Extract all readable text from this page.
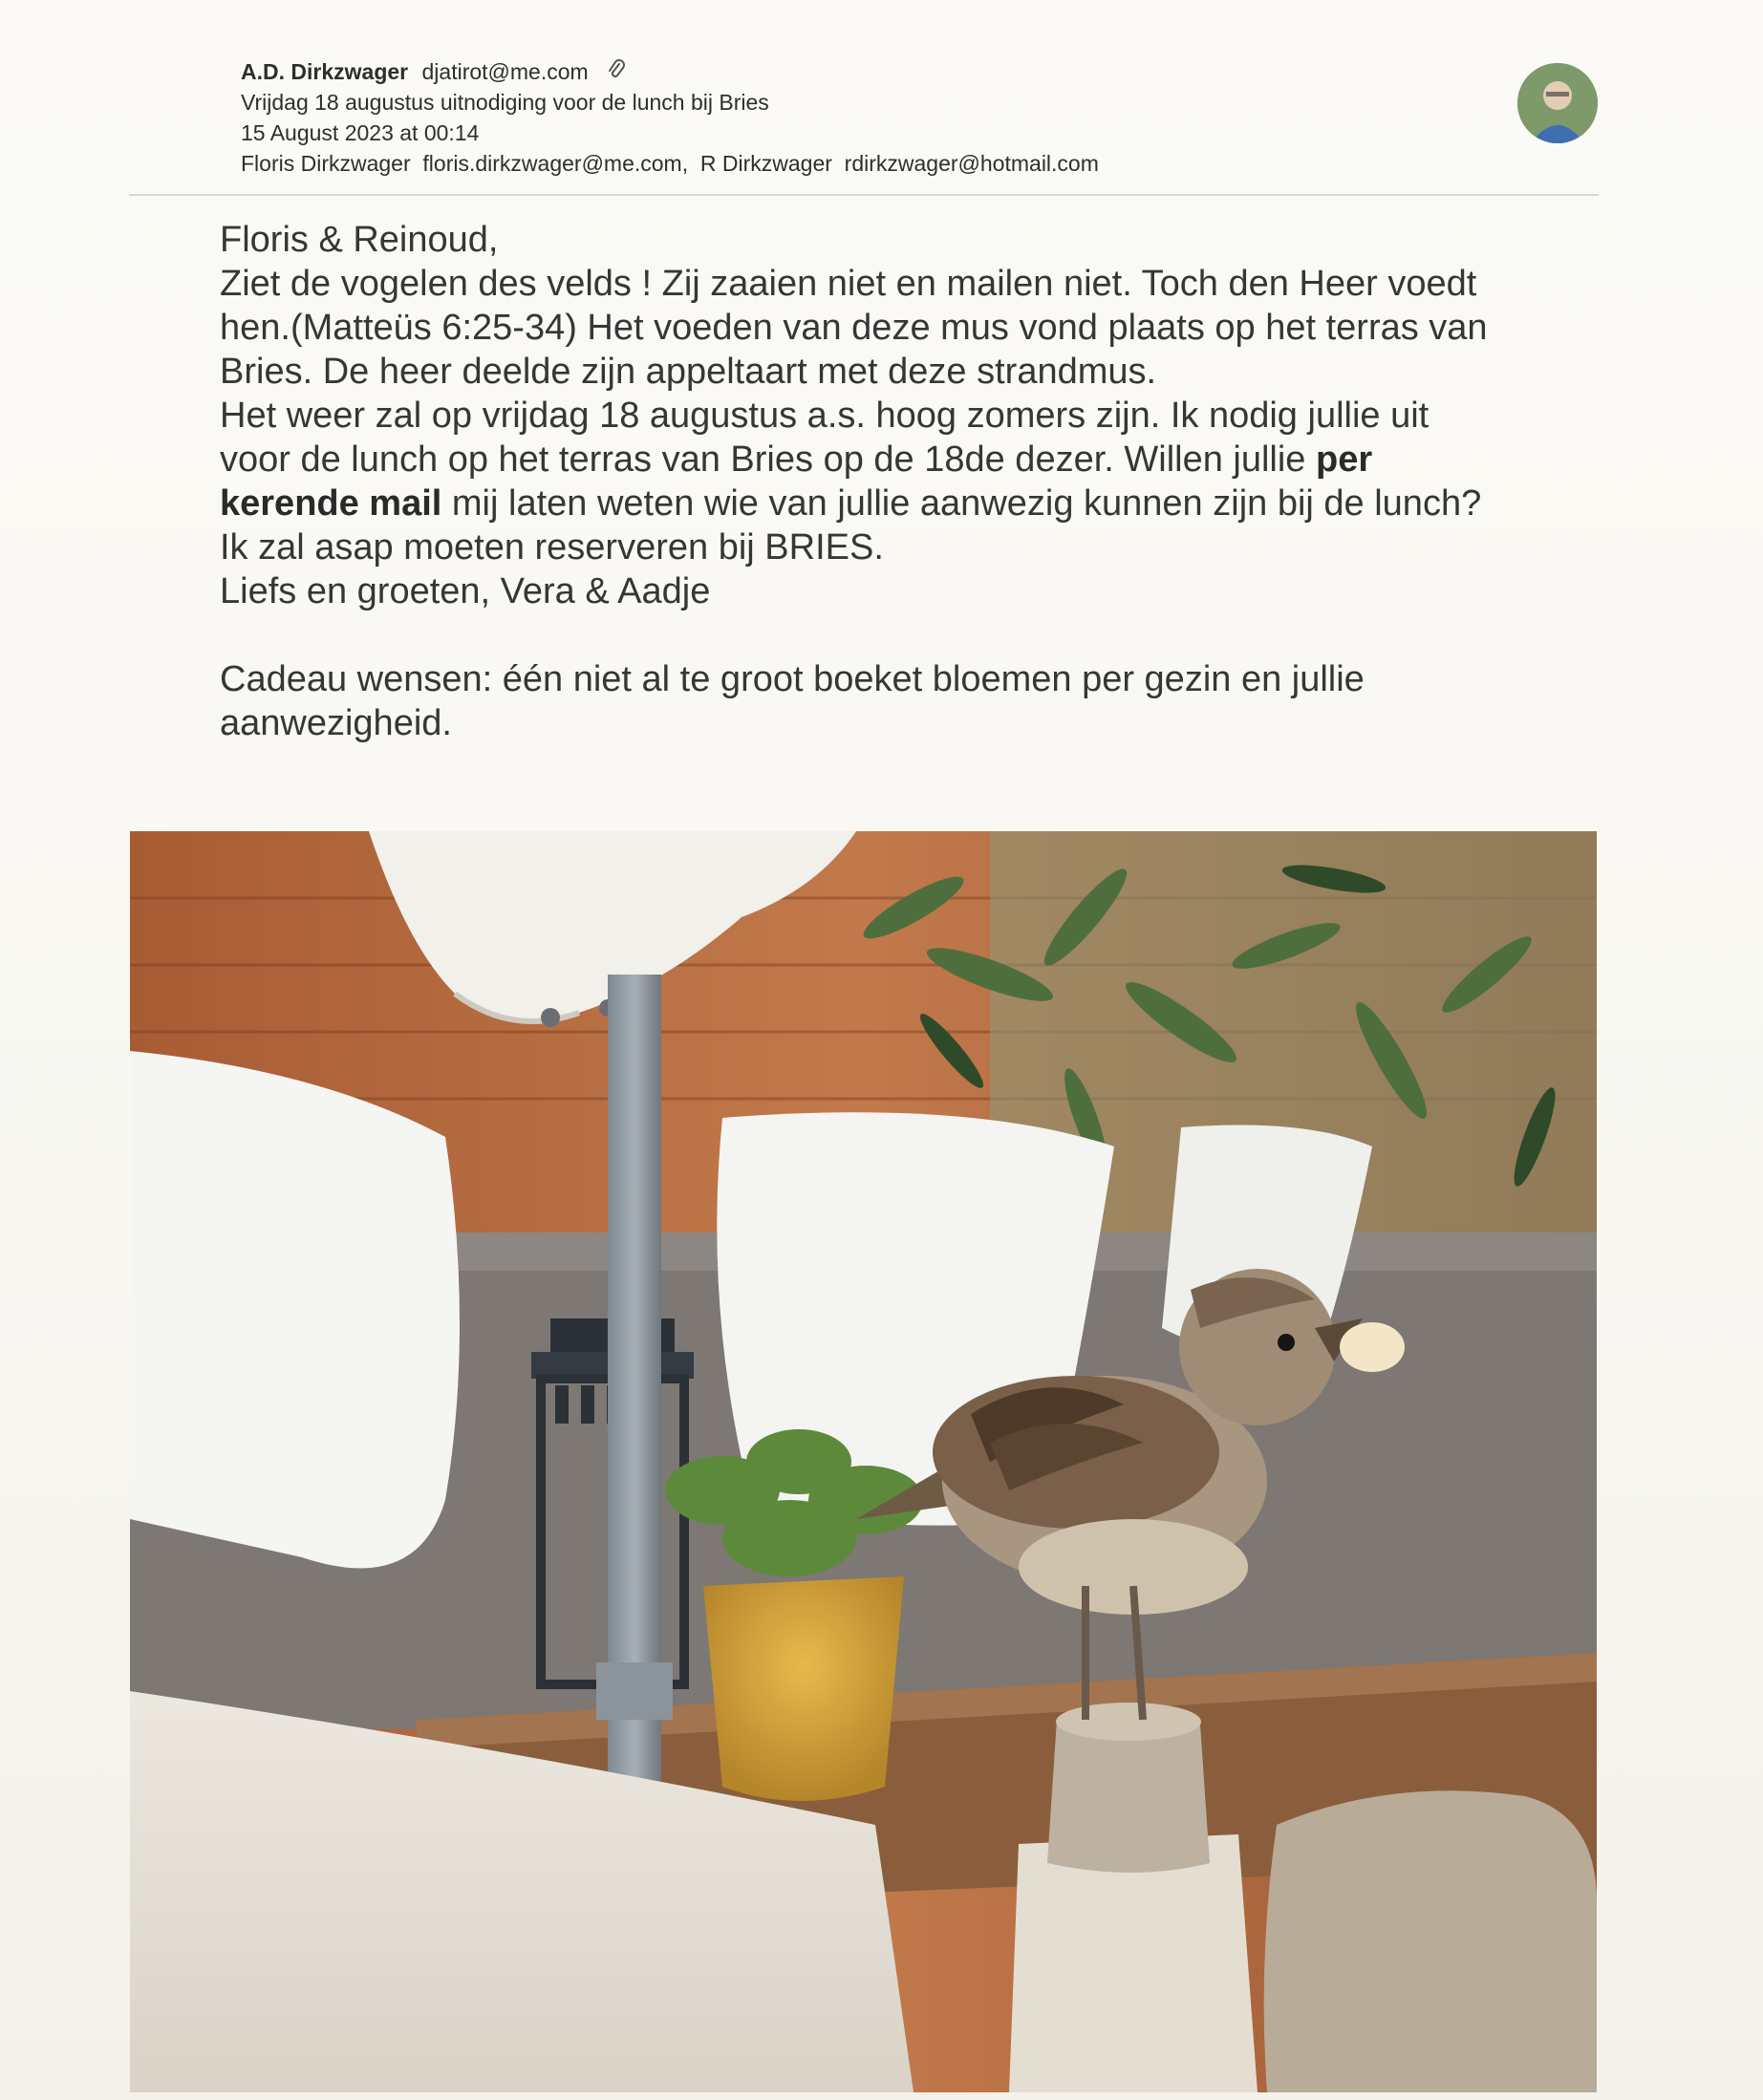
A.D. Dirkzwager djatirot@me.com
Vrijdag 18 augustus uitnodiging voor de lunch bij Bries
15 August 2023 at 00:14
Floris Dirkzwager  floris.dirkzwager@me.com,  R Dirkzwager  rdirkzwager@hotmail.com

Floris & Reinoud,

Ziet de vogelen des velds ! Zij zaaien niet en mailen niet. Toch den Heer voedt

hen.(Matteüs 6:25-34) Het voeden van deze mus vond plaats op het terras van

Bries. De heer deelde zijn appeltaart met deze strandmus.

Het weer zal op vrijdag 18 augustus a.s. hoog zomers zijn. Ik nodig jullie uit

voor de lunch op het terras van Bries op de 18de dezer. Willen jullie per

kerende mail mij laten weten wie van jullie aanwezig kunnen zijn bij de lunch?

Ik zal asap moeten reserveren bij BRIES.

Liefs en groeten, Vera & Aadje

Cadeau wensen: één niet al te groot boeket bloemen per gezin en jullie

aanwezigheid.
